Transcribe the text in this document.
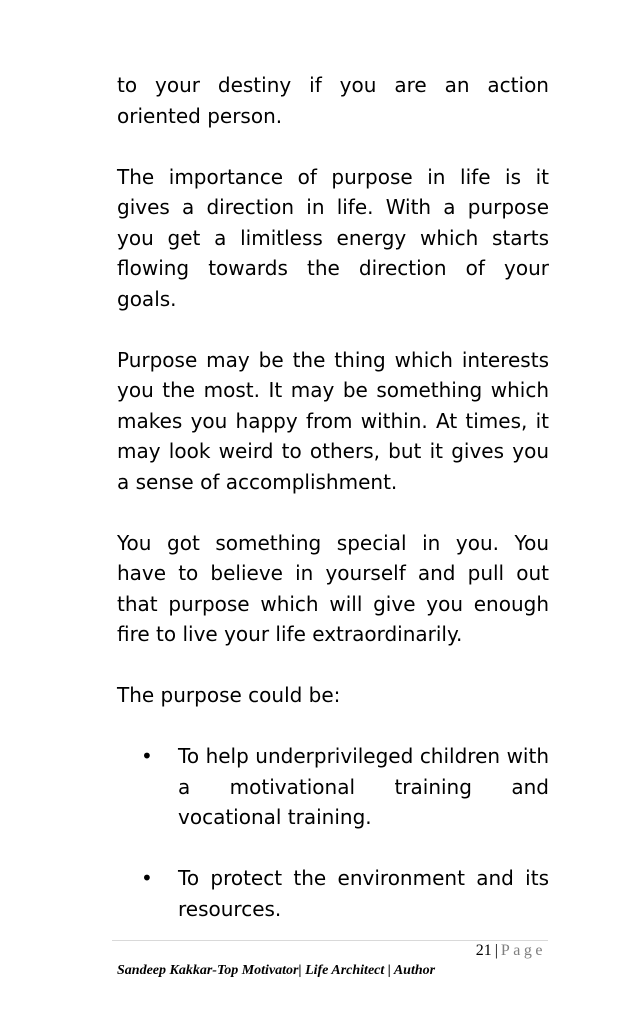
to your destiny if you are an action oriented person.

The importance of purpose in life is it gives a direction in life. With a purpose you get a limitless energy which starts flowing towards the direction of your goals.

Purpose may be the thing which interests you the most. It may be something which makes you happy from within. At times, it may look weird to others, but it gives you a sense of accomplishment.

You got something special in you. You have to believe in yourself and pull out that purpose which will give you enough fire to live your life extraordinarily.

The purpose could be:

• To help underprivileged children with a motivational training and vocational training.
• To protect the environment and its resources.
21 | Page
Sandeep Kakkar-Top Motivator| Life Architect | Author
